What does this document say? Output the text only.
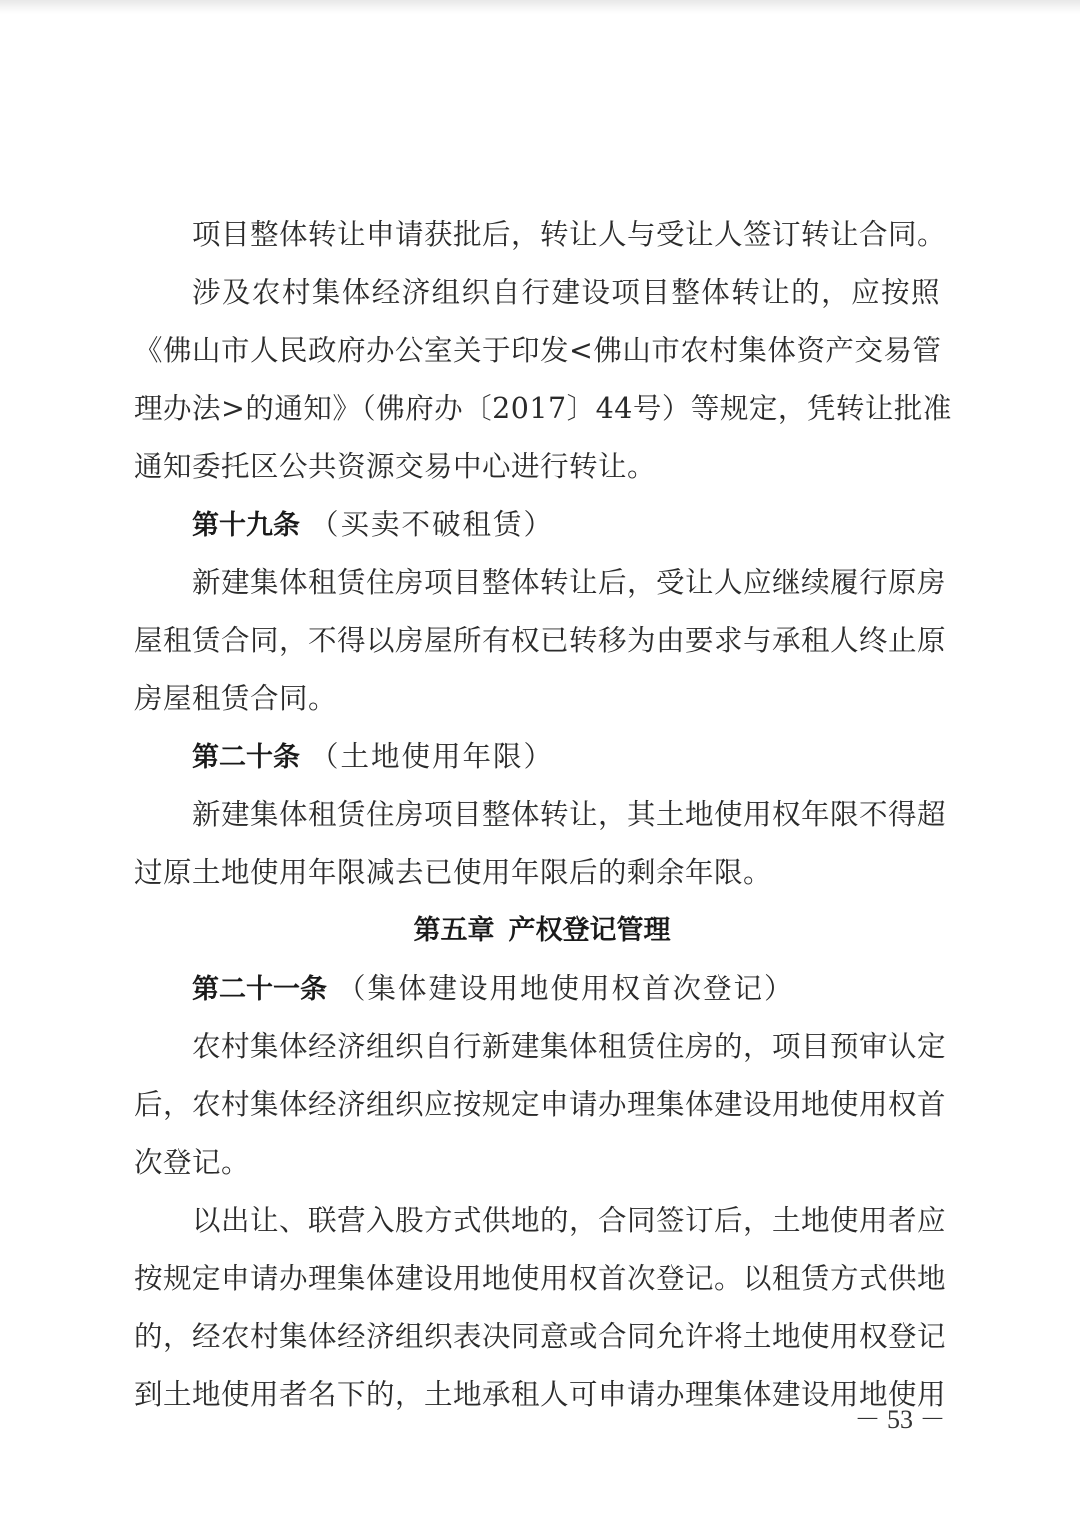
项目整体转让申请获批后，转让人与受让人签订转让合同。
涉及农村集体经济组织自行建设项目整体转让的，应按照
《佛山市人民政府办公室关于印发<佛山市农村集体资产交易管
理办法>的通知》（佛府办〔2017〕44号）等规定，凭转让批准
通知委托区公共资源交易中心进行转让。
第十九条 （买卖不破租赁）
新建集体租赁住房项目整体转让后，受让人应继续履行原房
屋租赁合同，不得以房屋所有权已转移为由要求与承租人终止原
房屋租赁合同。
第二十条 （土地使用年限）
新建集体租赁住房项目整体转让，其土地使用权年限不得超
过原土地使用年限减去已使用年限后的剩余年限。
第五章 产权登记管理
第二十一条 （集体建设用地使用权首次登记）
农村集体经济组织自行新建集体租赁住房的，项目预审认定
后，农村集体经济组织应按规定申请办理集体建设用地使用权首
次登记。
以出让、联营入股方式供地的，合同签订后，土地使用者应
按规定申请办理集体建设用地使用权首次登记。以租赁方式供地
的，经农村集体经济组织表决同意或合同允许将土地使用权登记
到土地使用者名下的，土地承租人可申请办理集体建设用地使用
－ 53 －
